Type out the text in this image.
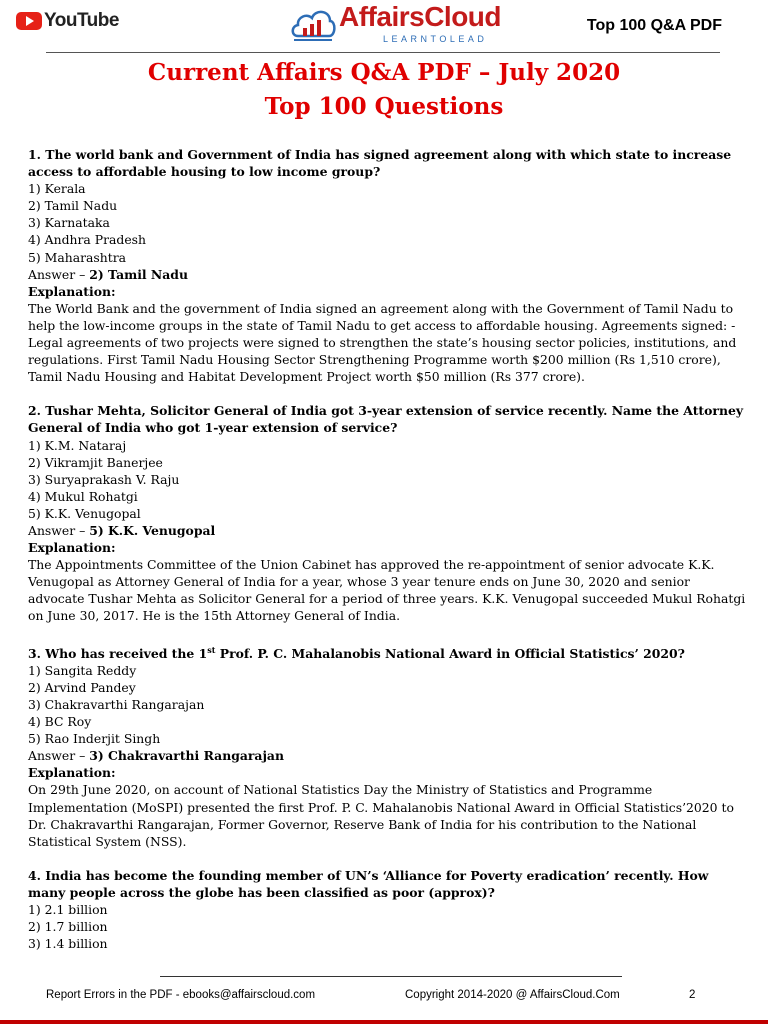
YouTube	AffairsCloud
LEARNTOLEAD
Top 100 Q&A PDF
Current Affairs Q&A PDF – July 2020
Top 100 Questions

1. The world bank and Government of India has signed agreement along with which state to increase access to affordable housing to low income group?

1) Kerala

2) Tamil Nadu

3) Karnataka

4) Andhra Pradesh

5) Maharashtra

Answer – 2) Tamil Nadu

Explanation:

The World Bank and the government of India signed an agreement along with the Government of Tamil Nadu to help the low-income groups in the state of Tamil Nadu to get access to affordable housing. Agreements signed: - Legal agreements of two projects were signed to strengthen the state’s housing sector policies, institutions, and regulations. First Tamil Nadu Housing Sector Strengthening Programme worth $200 million (Rs 1,510 crore), Tamil Nadu Housing and Habitat Development Project worth $50 million (Rs 377 crore).

2. Tushar Mehta, Solicitor General of India got 3-year extension of service recently. Name the Attorney General of India who got 1-year extension of service?

1) K.M. Nataraj

2) Vikramjit Banerjee

3) Suryaprakash V. Raju

4) Mukul Rohatgi

5) K.K. Venugopal

Answer – 5) K.K. Venugopal

Explanation:

The Appointments Committee of the Union Cabinet has approved the re-appointment of senior advocate K.K. Venugopal as Attorney General of India for a year, whose 3 year tenure ends on June 30, 2020 and senior advocate Tushar Mehta as Solicitor General for a period of three years. K.K. Venugopal succeeded Mukul Rohatgi on June 30, 2017. He is the 15th Attorney General of India.

3. Who has received the 1st Prof. P. C. Mahalanobis National Award in Official Statistics’ 2020?

1) Sangita Reddy

2) Arvind Pandey

3) Chakravarthi Rangarajan

4) BC Roy

5) Rao Inderjit Singh

Answer – 3) Chakravarthi Rangarajan

Explanation:

On 29th June 2020, on account of National Statistics Day the Ministry of Statistics and Programme Implementation (MoSPI) presented the first Prof. P. C. Mahalanobis National Award in Official Statistics’2020 to Dr. Chakravarthi Rangarajan, Former Governor, Reserve Bank of India for his contribution to the National Statistical System (NSS).

4. India has become the founding member of UN’s ‘Alliance for Poverty eradication’ recently. How many people across the globe has been classified as poor (approx)?

1) 2.1 billion

2) 1.7 billion

3) 1.4 billion

Report Errors in the PDF - ebooks@affairscloud.com	Copyright 2014-2020 @ AffairsCloud.Com	2
